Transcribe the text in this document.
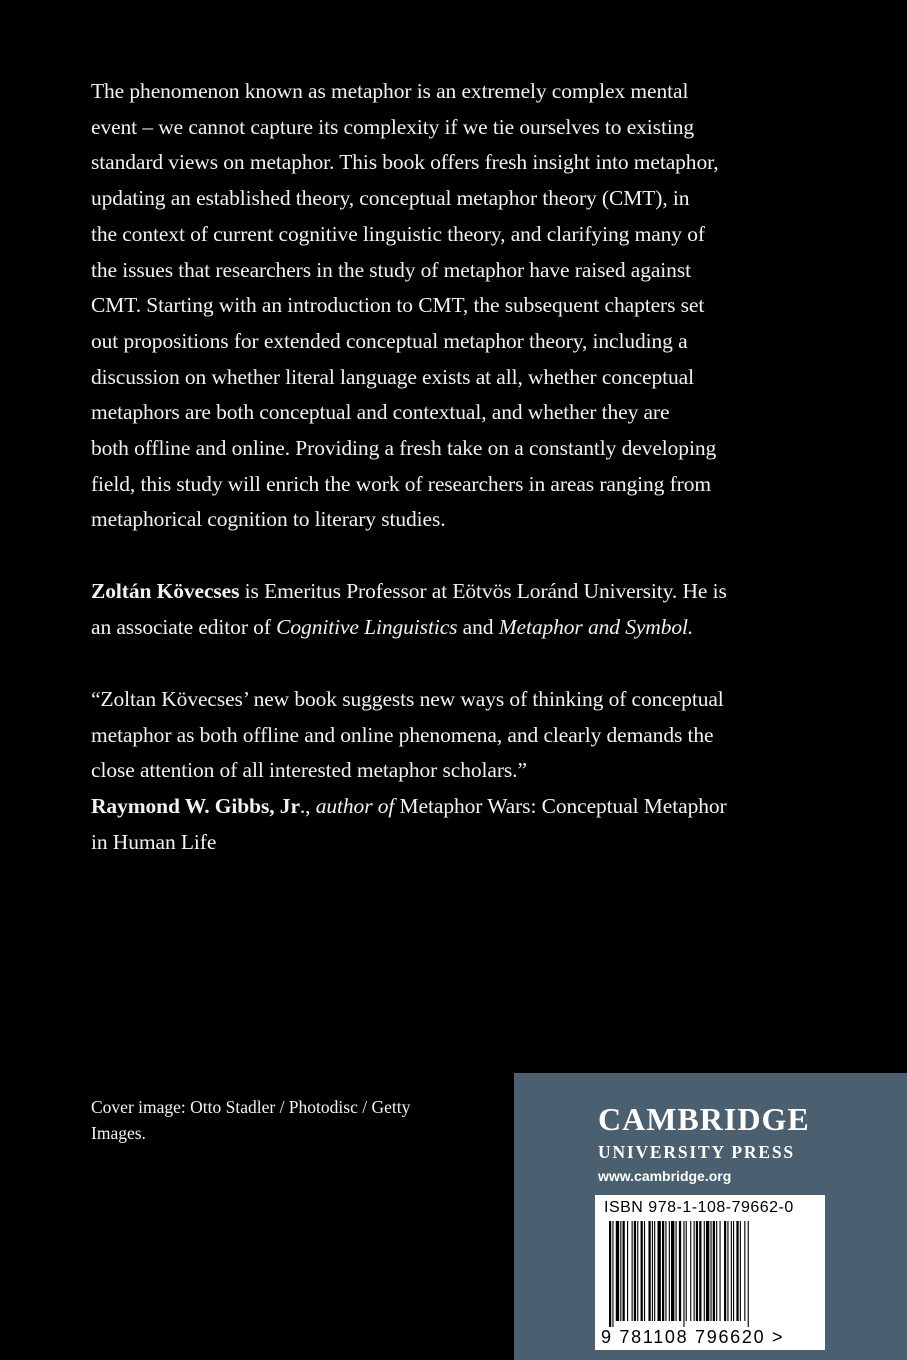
The phenomenon known as metaphor is an extremely complex mental
event – we cannot capture its complexity if we tie ourselves to existing
standard views on metaphor. This book offers fresh insight into metaphor,
updating an established theory, conceptual metaphor theory (CMT), in
the context of current cognitive linguistic theory, and clarifying many of
the issues that researchers in the study of metaphor have raised against
CMT. Starting with an introduction to CMT, the subsequent chapters set
out propositions for extended conceptual metaphor theory, including a
discussion on whether literal language exists at all, whether conceptual
metaphors are both conceptual and contextual, and whether they are
both offline and online. Providing a fresh take on a constantly developing
field, this study will enrich the work of researchers in areas ranging from
metaphorical cognition to literary studies.
Zoltán Kövecses is Emeritus Professor at Eötvös Loránd University. He is
an associate editor of Cognitive Linguistics and Metaphor and Symbol.
“Zoltan Kövecses’ new book suggests new ways of thinking of conceptual
metaphor as both offline and online phenomena, and clearly demands the
close attention of all interested metaphor scholars.”
Raymond W. Gibbs, Jr., author of Metaphor Wars: Conceptual Metaphor
in Human Life
Cover image: Otto Stadler / Photodisc / Getty
Images.	CAMBRIDGE
UNIVERSITY PRESS
www.cambridge.org
ISBN 978-1-108-79662-0
9 781108 796620 >
